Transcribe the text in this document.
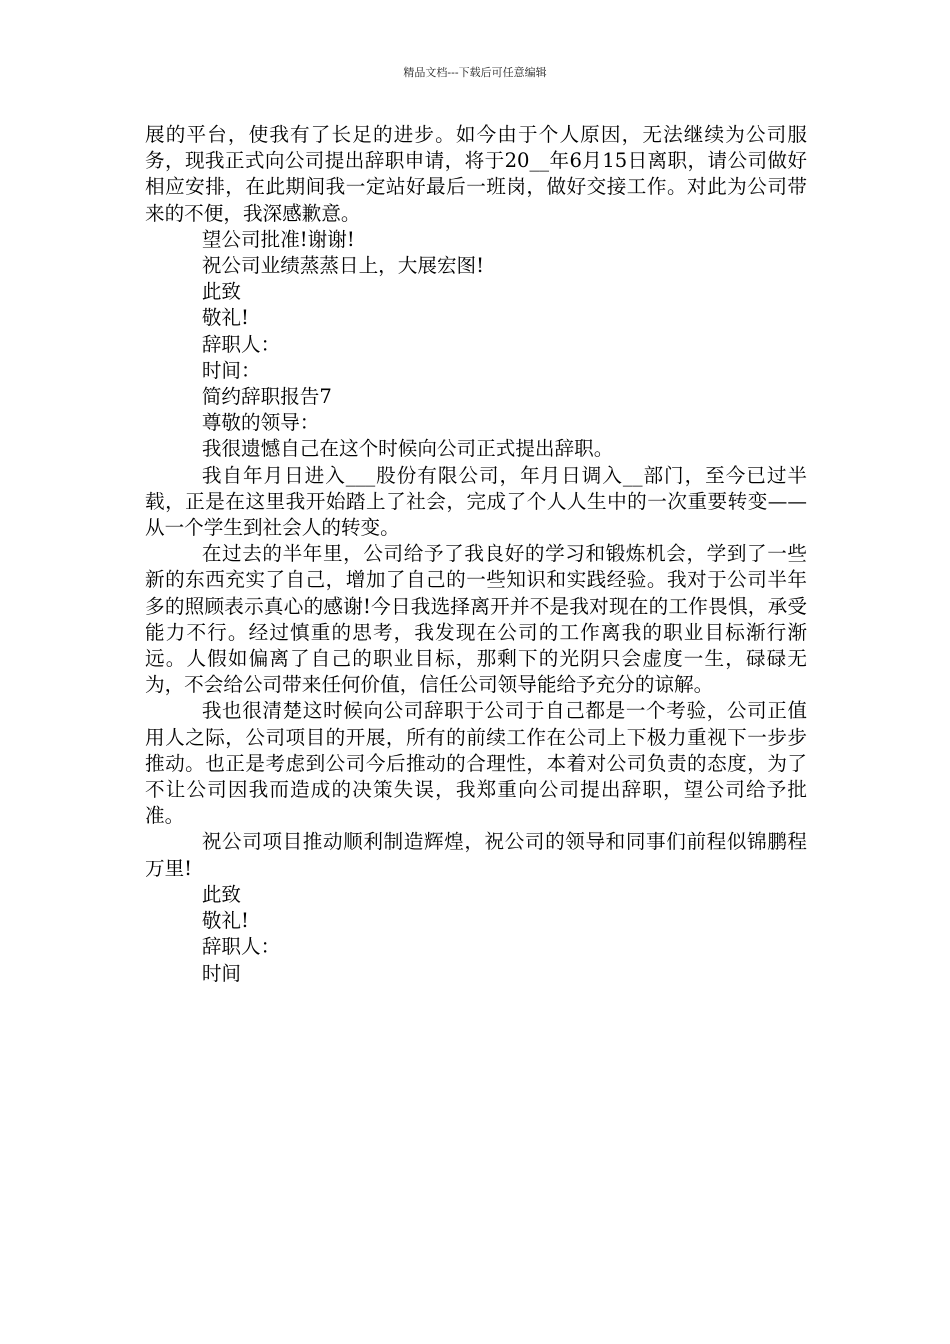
精品文档---下载后可任意编辑

展的平台，使我有了长足的进步。如今由于个人原因，无法继续为公司服务，现我正式向公司提出辞职申请，将于20__年6月15日离职，请公司做好相应安排，在此期间我一定站好最后一班岗，做好交接工作。对此为公司带来的不便，我深感歉意。

望公司批准!谢谢!

祝公司业绩蒸蒸日上，大展宏图!

此致

敬礼!

辞职人：

时间：

简约辞职报告7

尊敬的领导：

我很遗憾自己在这个时候向公司正式提出辞职。

我自年月日进入___股份有限公司，年月日调入__部门，至今已过半载，正是在这里我开始踏上了社会，完成了个人人生中的一次重要转变——从一个学生到社会人的转变。

在过去的半年里，公司给予了我良好的学习和锻炼机会，学到了一些新的东西充实了自己，增加了自己的一些知识和实践经验。我对于公司半年多的照顾表示真心的感谢!今日我选择离开并不是我对现在的工作畏惧，承受能力不行。经过慎重的思考，我发现在公司的工作离我的职业目标渐行渐远。人假如偏离了自己的职业目标，那剩下的光阴只会虚度一生，碌碌无为，不会给公司带来任何价值，信任公司领导能给予充分的谅解。

我也很清楚这时候向公司辞职于公司于自己都是一个考验，公司正值用人之际，公司项目的开展，所有的前续工作在公司上下极力重视下一步步推动。也正是考虑到公司今后推动的合理性，本着对公司负责的态度，为了不让公司因我而造成的决策失误，我郑重向公司提出辞职，望公司给予批准。

祝公司项目推动顺利制造辉煌，祝公司的领导和同事们前程似锦鹏程万里!

此致

敬礼!

辞职人：

时间
